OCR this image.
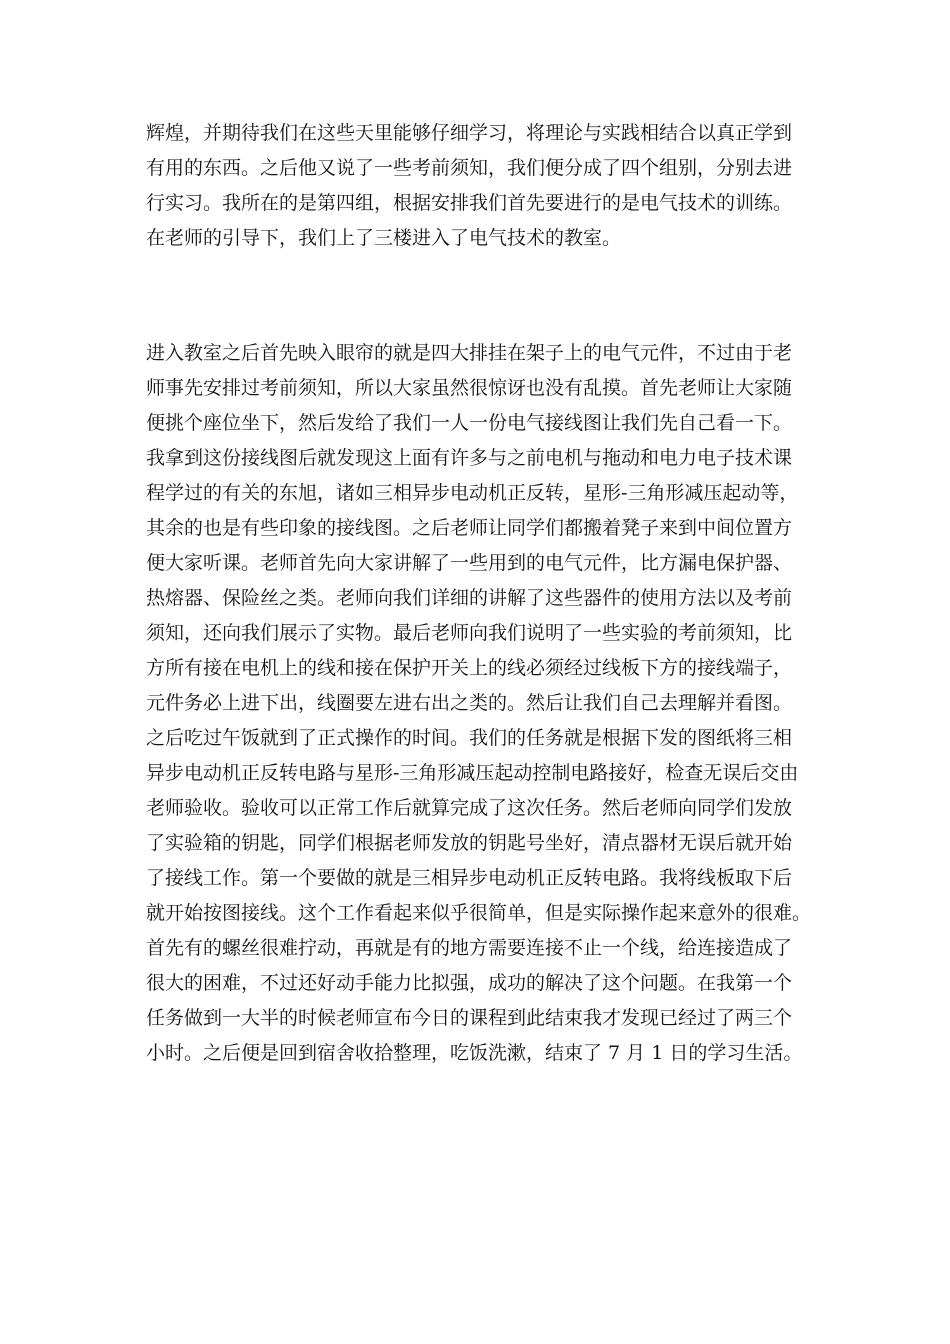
辉煌，并期待我们在这些天里能够仔细学习，将理论与实践相结合以真正学到
有用的东西。之后他又说了一些考前须知，我们便分成了四个组别，分别去进
行实习。我所在的是第四组，根据安排我们首先要进行的是电气技术的训练。
在老师的引导下，我们上了三楼进入了电气技术的教室。
进入教室之后首先映入眼帘的就是四大排挂在架子上的电气元件，不过由于老
师事先安排过考前须知，所以大家虽然很惊讶也没有乱摸。首先老师让大家随
便挑个座位坐下，然后发给了我们一人一份电气接线图让我们先自己看一下。
我拿到这份接线图后就发现这上面有许多与之前电机与拖动和电力电子技术课
程学过的有关的东旭，诸如三相异步电动机正反转，星形-三角形减压起动等，
其余的也是有些印象的接线图。之后老师让同学们都搬着凳子来到中间位置方
便大家听课。老师首先向大家讲解了一些用到的电气元件，比方漏电保护器、
热熔器、保险丝之类。老师向我们详细的讲解了这些器件的使用方法以及考前
须知，还向我们展示了实物。最后老师向我们说明了一些实验的考前须知，比
方所有接在电机上的线和接在保护开关上的线必须经过线板下方的接线端子，
元件务必上进下出，线圈要左进右出之类的。然后让我们自己去理解并看图。
之后吃过午饭就到了正式操作的时间。我们的任务就是根据下发的图纸将三相
异步电动机正反转电路与星形-三角形减压起动控制电路接好，检查无误后交由
老师验收。验收可以正常工作后就算完成了这次任务。然后老师向同学们发放
了实验箱的钥匙，同学们根据老师发放的钥匙号坐好，清点器材无误后就开始
了接线工作。第一个要做的就是三相异步电动机正反转电路。我将线板取下后
就开始按图接线。这个工作看起来似乎很简单，但是实际操作起来意外的很难。
首先有的螺丝很难拧动，再就是有的地方需要连接不止一个线，给连接造成了
很大的困难，不过还好动手能力比拟强，成功的解决了这个问题。在我第一个
任务做到一大半的时候老师宣布今日的课程到此结束我才发现已经过了两三个
小时。之后便是回到宿舍收拾整理，吃饭洗漱，结束了 7 月 1 日的学习生活。
